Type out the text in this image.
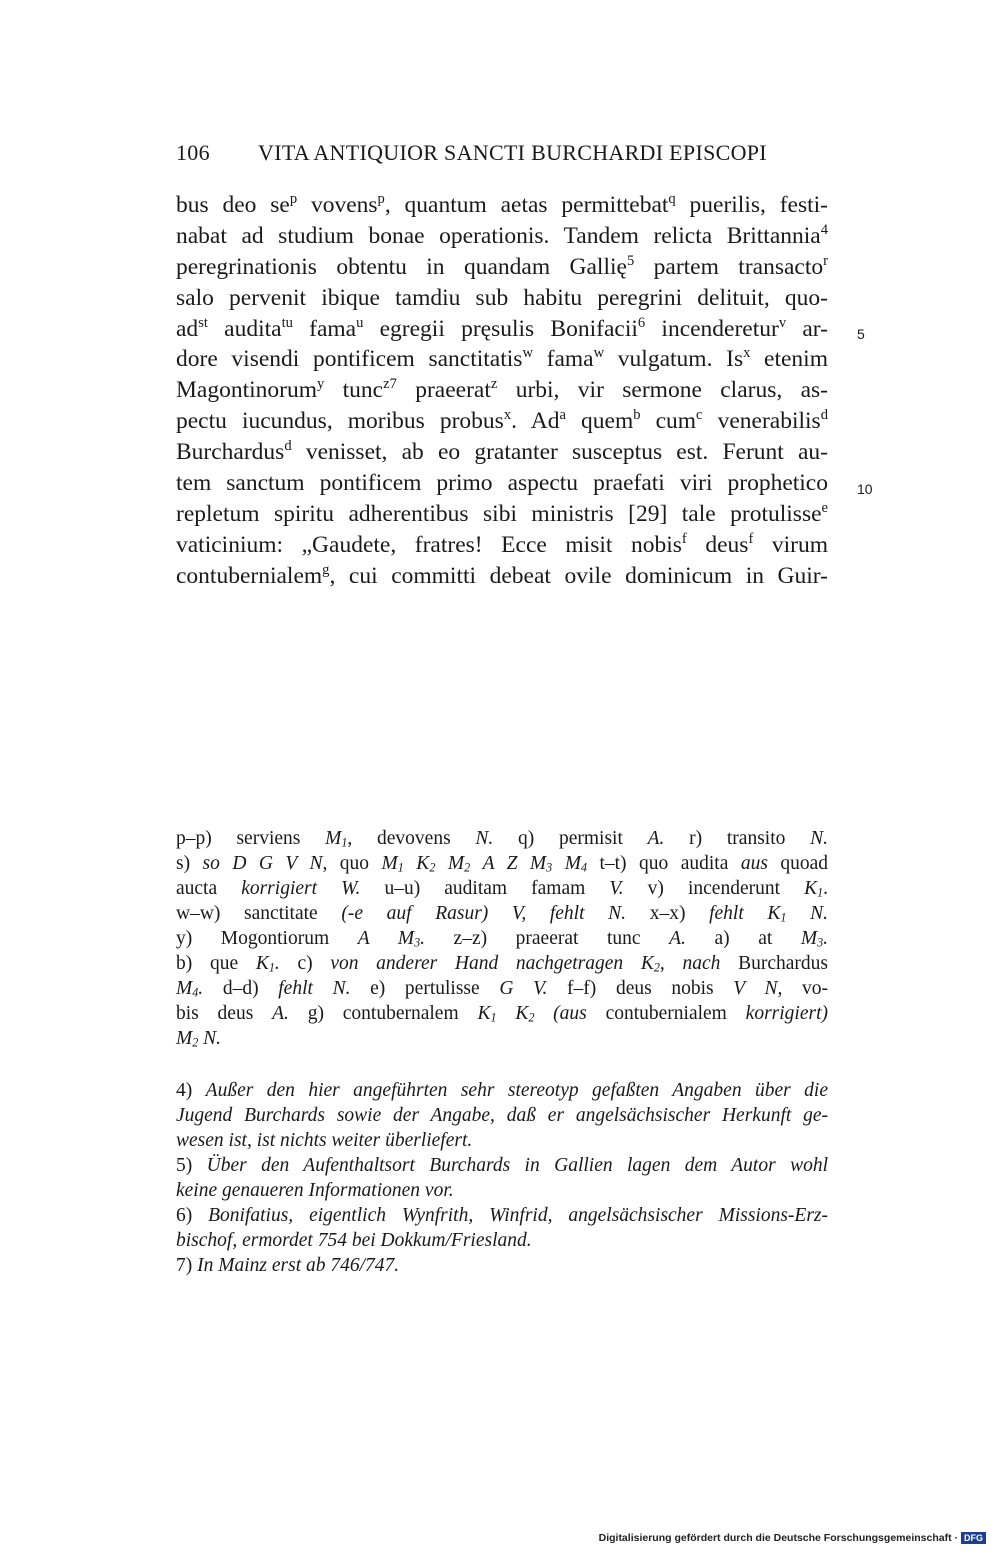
106 VITA ANTIQUIOR SANCTI BURCHARDI EPISCOPI
bus deo $se^p$ vovens$^p$, quantum aetas permittebat$^q$ puerilis, festi-
nabat ad studium bonae operationis. Tandem relicta Brittannia$^4$
peregrinationis obtentu in quandam Gallię$^5$ partem transacto$^r$
salo pervenit ibique tamdiu sub habitu peregrini delituit, quo-
$ad^{st}$ audita$^{tu}$ fama$^u$ egregii pręsulis Bonifacii$^6$ incenderetur$^v$ ar-
dore visendi pontificem sanctitatis$^w$ fama$^w$ vulgatum. Is$^x$ etenim
Magontinorum$^y$ tunc$^{z7}$ praeerat$^z$ urbi, vir sermone clarus, as-
pectu iucundus, moribus probus$^x$. Ad$^a$ quem$^b$ cum$^c$ venerabilis$^d$
Burchardus$^d$ venisset, ab eo gratanter susceptus est. Ferunt au-
tem sanctum pontificem primo aspectu praefati viri prophetico
repletum spiritu adherentibus sibi ministris [29] tale protulisse$^e$
vaticinium: „Gaudete, fratres! Ecce misit nobis$^f$ deus$^f$ virum
contubernialem$^g$, cui committi debeat ovile dominicum in Guir-
5
10
p–p) serviens $M_1$, devovens N. q) permisit A. r) transito N.
s) so D G V N, quo $M_1$ $K_2$ $M_2$ A Z $M_3$ $M_4$ t–t) quo audita aus quoad
aucta korrigiert W. u–u) auditam famam V. v) incenderunt $K_1$.
w–w) sanctitate (-e auf Rasur) V, fehlt N. x–x) fehlt $K_1$ N.
y) Mogontiorum A $M_3$. z–z) praeerat tunc A. a) at $M_3$.
b) que $K_1$. c) von anderer Hand nachgetragen $K_2$, nach Burchardus
$M_4$. d–d) fehlt N. e) pertulisse G V. f–f) deus nobis V N, vo-
bis deus A. g) contubernalem $K_1$ $K_2$ (aus contubernialem korrigiert)
$M_2$ N.
4) Außer den hier angeführten sehr stereotyp gefaßten Angaben über die
Jugend Burchards sowie der Angabe, daß er angelsächsischer Herkunft ge-
wesen ist, ist nichts weiter überliefert.
5) Über den Aufenthaltsort Burchards in Gallien lagen dem Autor wohl
keine genaueren Informationen vor.
6) Bonifatius, eigentlich Wynfrith, Winfrid, angelsächsischer Missions-Erz-
bischof, ermordet 754 bei Dokkum/Friesland.
7) In Mainz erst ab 746/747.
Digitalisierung gefördert durch die Deutsche Forschungsgemeinschaft · DFG
